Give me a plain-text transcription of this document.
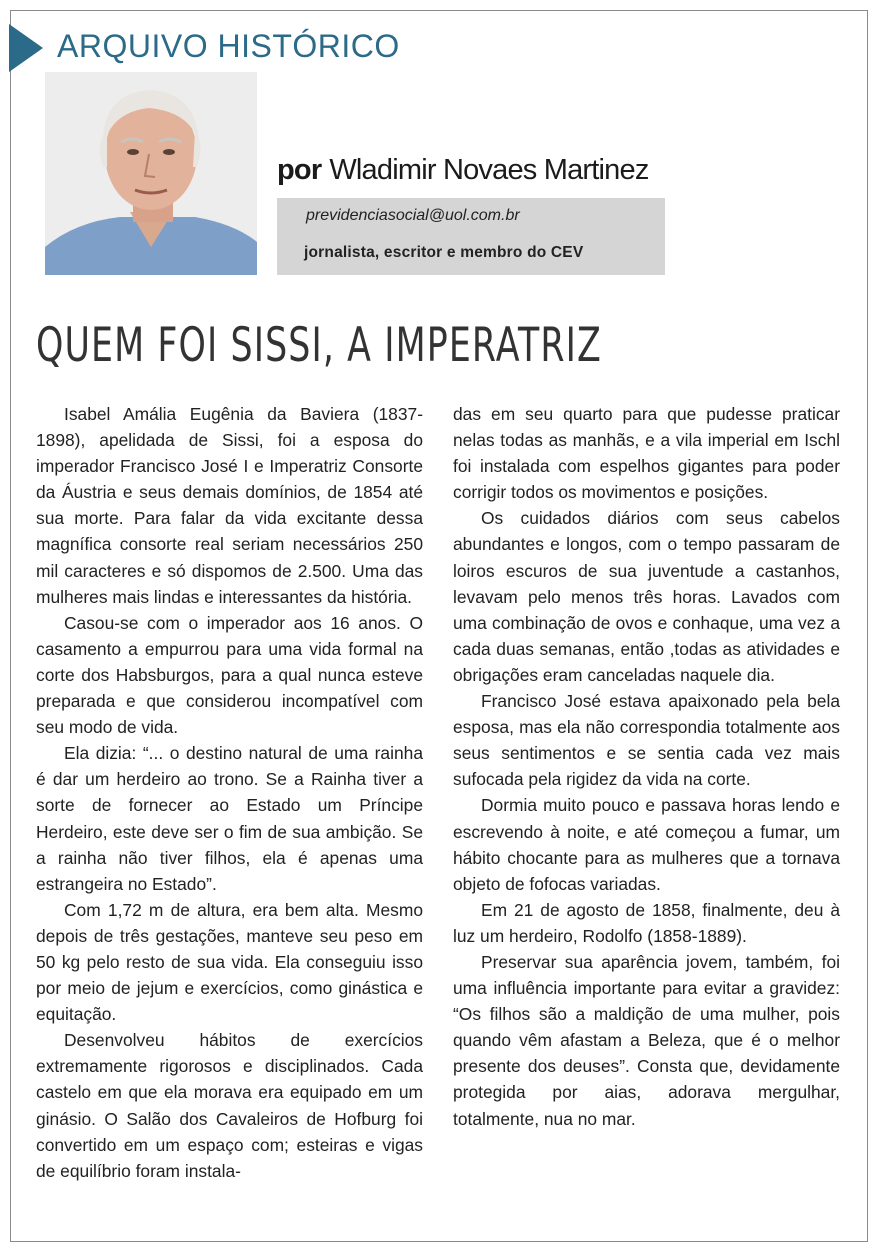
ARQUIVO HISTÓRICO
por Wladimir Novaes Martinez
previdenciasocial@uol.com.br
jornalista, escritor e membro do CEV
QUEM FOI SISSI, A IMPERATRIZ

Isabel Amália Eugênia da Baviera (1837-1898), apelidada de Sissi, foi a esposa do imperador Francisco José I e Imperatriz Consorte da Áustria e seus demais domínios, de 1854 até sua morte. Para falar da vida excitante dessa magnífica consorte real seriam necessários 250 mil caracteres e só dispomos de 2.500. Uma das mulheres mais lindas e interessantes da história.

Casou-se com o imperador aos 16 anos. O casamento a empurrou para uma vida formal na corte dos Habsburgos, para a qual nunca esteve preparada e que considerou incompatível com seu modo de vida.

Ela dizia: “... o destino natural de uma rainha é dar um herdeiro ao trono. Se a Rainha tiver a sorte de fornecer ao Estado um Príncipe Herdeiro, este deve ser o fim de sua ambição. Se a rainha não tiver filhos, ela é apenas uma estrangeira no Estado”.

Com 1,72 m de altura, era bem alta. Mesmo depois de três gestações, manteve seu peso em 50 kg pelo resto de sua vida. Ela conseguiu isso por meio de jejum e exercícios, como ginástica e equitação.

Desenvolveu hábitos de exercícios extremamente rigorosos e disciplinados. Cada castelo em que ela morava era equipado em um ginásio. O Salão dos Cavaleiros de Hofburg foi convertido em um espaço com; esteiras e vigas de equilíbrio foram instala-

das em seu quarto para que pudesse praticar nelas todas as manhãs, e a vila imperial em Ischl foi instalada com espelhos gigantes para poder corrigir todos os movimentos e posições.

Os cuidados diários com seus cabelos abundantes e longos, com o tempo passaram de loiros escuros de sua juventude a castanhos, levavam pelo menos três horas. Lavados com uma combinação de ovos e conhaque, uma vez a cada duas semanas, então ,todas as atividades e obrigações eram canceladas naquele dia.

Francisco José estava apaixonado pela bela esposa, mas ela não correspondia totalmente aos seus sentimentos e se sentia cada vez mais sufocada pela rigidez da vida na corte.

Dormia muito pouco e passava horas lendo e escrevendo à noite, e até começou a fumar, um hábito chocante para as mulheres que a tornava objeto de fofocas variadas.

Em 21 de agosto de 1858, finalmente, deu à luz um herdeiro, Rodolfo (1858-1889).

Preservar sua aparência jovem, também, foi uma influência importante para evitar a gravidez: “Os filhos são a maldição de uma mulher, pois quando vêm afastam a Beleza, que é o melhor presente dos deuses”. Consta que, devidamente protegida por aias, adorava mergulhar, totalmente, nua no mar.
